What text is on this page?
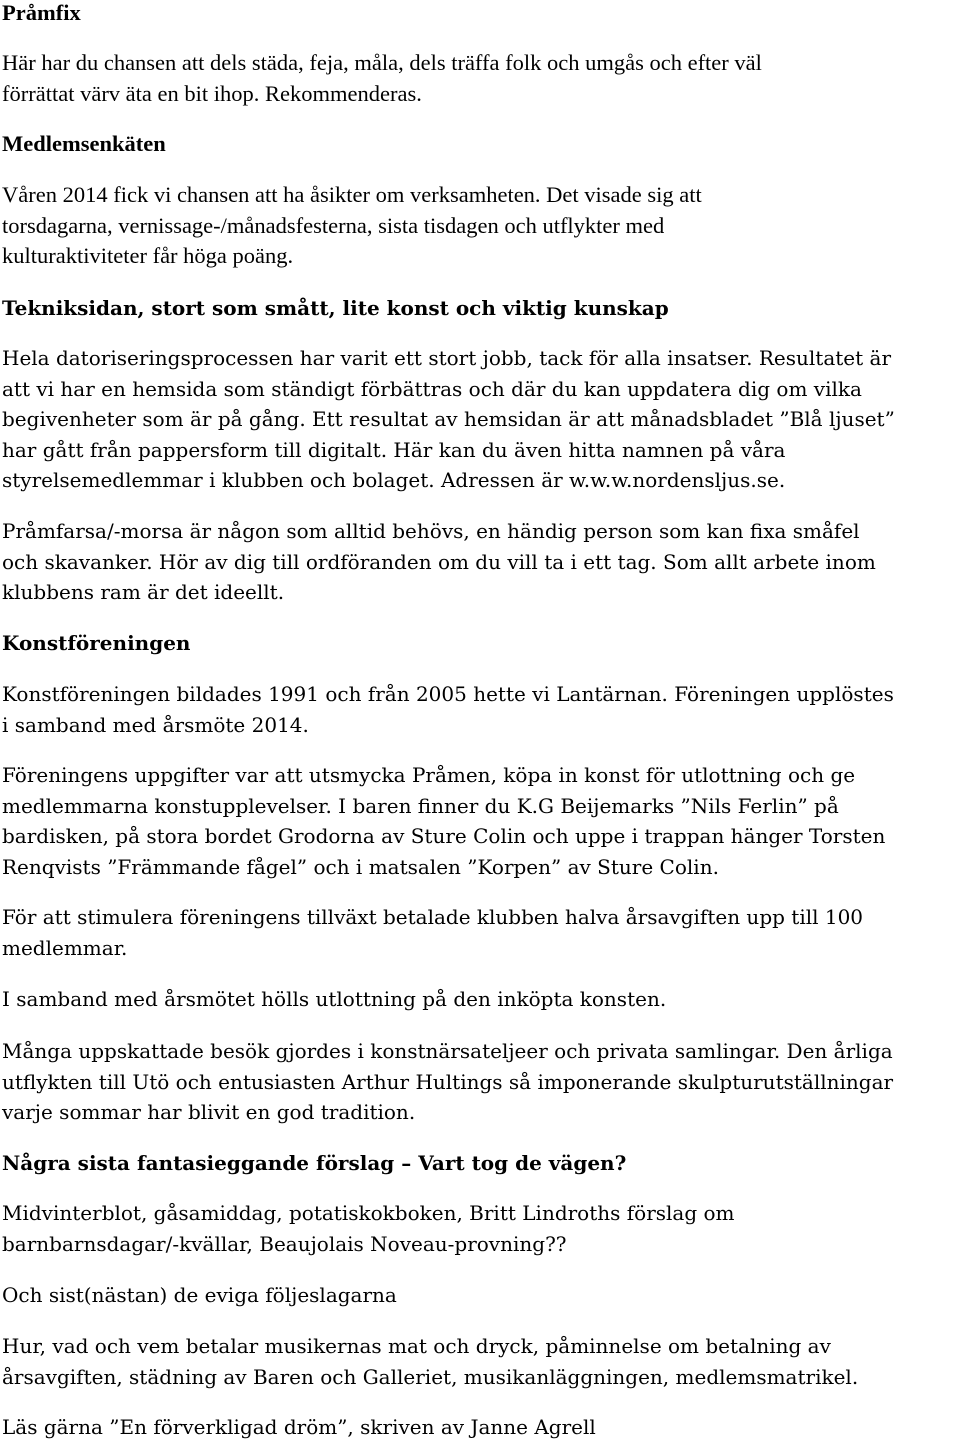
Pråmfix

Här har du chansen att dels städa, feja, måla, dels träffa folk och umgås och efter väl
förrättat värv äta en bit ihop. Rekommenderas.

Medlemsenkäten

Våren 2014 fick vi chansen att ha åsikter om verksamheten. Det visade sig att
torsdagarna, vernissage-/månadsfesterna, sista tisdagen och utflykter med
kulturaktiviteter får höga poäng.

Tekniksidan, stort som smått, lite konst och viktig kunskap

Hela datoriseringsprocessen har varit ett stort jobb, tack för alla insatser. Resultatet är
att vi har en hemsida som ständigt förbättras och där du kan uppdatera dig om vilka
begivenheter som är på gång. Ett resultat av hemsidan är att månadsbladet ”Blå ljuset”
har gått från pappersform till digitalt. Här kan du även hitta namnen på våra
styrelsemedlemmar i klubben och bolaget. Adressen är w.w.w.nordensljus.se.

Pråmfarsa/-morsa är någon som alltid behövs, en händig person som kan fixa småfel
och skavanker. Hör av dig till ordföranden om du vill ta i ett tag. Som allt arbete inom
klubbens ram är det ideellt.

Konstföreningen

Konstföreningen bildades 1991 och från 2005 hette vi Lantärnan. Föreningen upplöstes
i samband med årsmöte 2014.

Föreningens uppgifter var att utsmycka Pråmen, köpa in konst för utlottning och ge
medlemmarna konstupplevelser. I baren finner du K.G Beijemarks ”Nils Ferlin” på
bardisken, på stora bordet Grodorna av Sture Colin och uppe i trappan hänger Torsten
Renqvists ”Främmande fågel” och i matsalen ”Korpen” av Sture Colin.

För att stimulera föreningens tillväxt betalade klubben halva årsavgiften upp till 100
medlemmar.

I samband med årsmötet hölls utlottning på den inköpta konsten.

Många uppskattade besök gjordes i konstnärsateljeer och privata samlingar. Den årliga
utflykten till Utö och entusiasten Arthur Hultings så imponerande skulpturutställningar
varje sommar har blivit en god tradition.

Några sista fantasieggande förslag – Vart tog de vägen?

Midvinterblot, gåsamiddag, potatiskokboken, Britt Lindroths förslag om
barnbarnsdagar/-kvällar, Beaujolais Noveau-provning??

Och sist(nästan) de eviga följeslagarna

Hur, vad och vem betalar musikernas mat och dryck, påminnelse om betalning av
årsavgiften, städning av Baren och Galleriet, musikanläggningen, medlemsmatrikel.

Läs gärna ”En förverkligad dröm”, skriven av Janne Agrell
